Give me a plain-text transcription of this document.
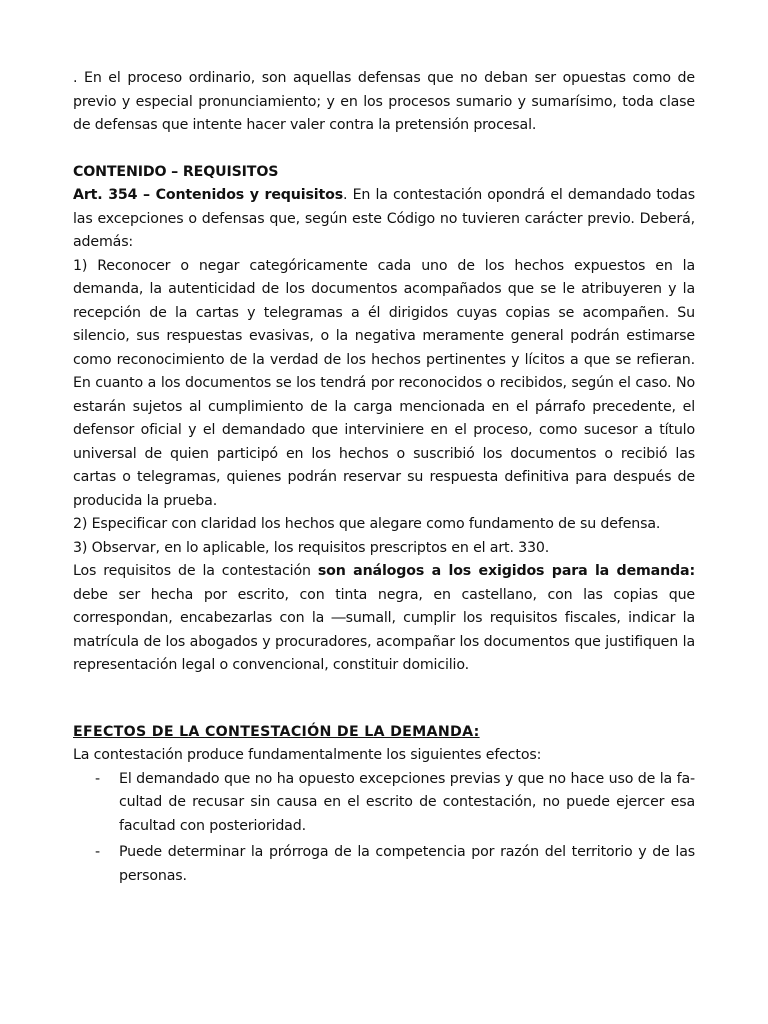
. En el proceso ordinario, son aquellas defensas que no deban ser opuestas como de previo y especial pronunciamiento; y en los procesos sumario y sumarísimo, toda clase de defensas que intente hacer valer contra la pretensión procesal.

CONTENIDO – REQUISITOS

Art. 354 – Contenidos y requisitos. En la contestación opondrá el demandado todas las excepciones o defensas que, según este Código no tuvieren carácter previo. Deberá, además:

1) Reconocer o negar categóricamente cada uno de los hechos expuestos en la demanda, la autenticidad de los documentos acompañados que se le atribuyeren y la recepción de la cartas y telegramas a él dirigidos cuyas copias se acompañen. Su silencio, sus respuestas evasivas, o la negativa meramente general podrán estimarse como reconocimiento de la verdad de los hechos pertinentes y lícitos a que se refieran. En cuanto a los documentos se los tendrá por reconocidos o recibidos, según el caso. No estarán sujetos al cumplimiento de la carga mencionada en el párrafo precedente, el defensor oficial y el demandado que interviniere en el proceso, como sucesor a título universal de quien participó en los hechos o suscribió los documentos o recibió las cartas o telegramas, quienes podrán reservar su respuesta definitiva para después de producida la prueba.

2) Especificar con claridad los hechos que alegare como fundamento de su defensa.

3) Observar, en lo aplicable, los requisitos prescriptos en el art. 330.

Los requisitos de la contestación son análogos a los exigidos para la demanda: debe ser hecha por escrito, con tinta negra, en castellano, con las copias que correspondan, encabezarlas con la ―sumall, cumplir los requisitos fiscales, indicar la matrícula de los abogados y procuradores, acompañar los documentos que justifiquen la representación legal o convencional, constituir domicilio.

EFECTOS DE LA CONTESTACIÓN DE LA DEMANDA:

La contestación produce fundamentalmente los siguientes efectos:

- El demandado que no ha opuesto excepciones previas y que no hace uso de la fa-cultad de recusar sin causa en el escrito de contestación, no puede ejercer esa facultad con posterioridad.
- Puede determinar la prórroga de la competencia por razón del territorio y de las personas.
